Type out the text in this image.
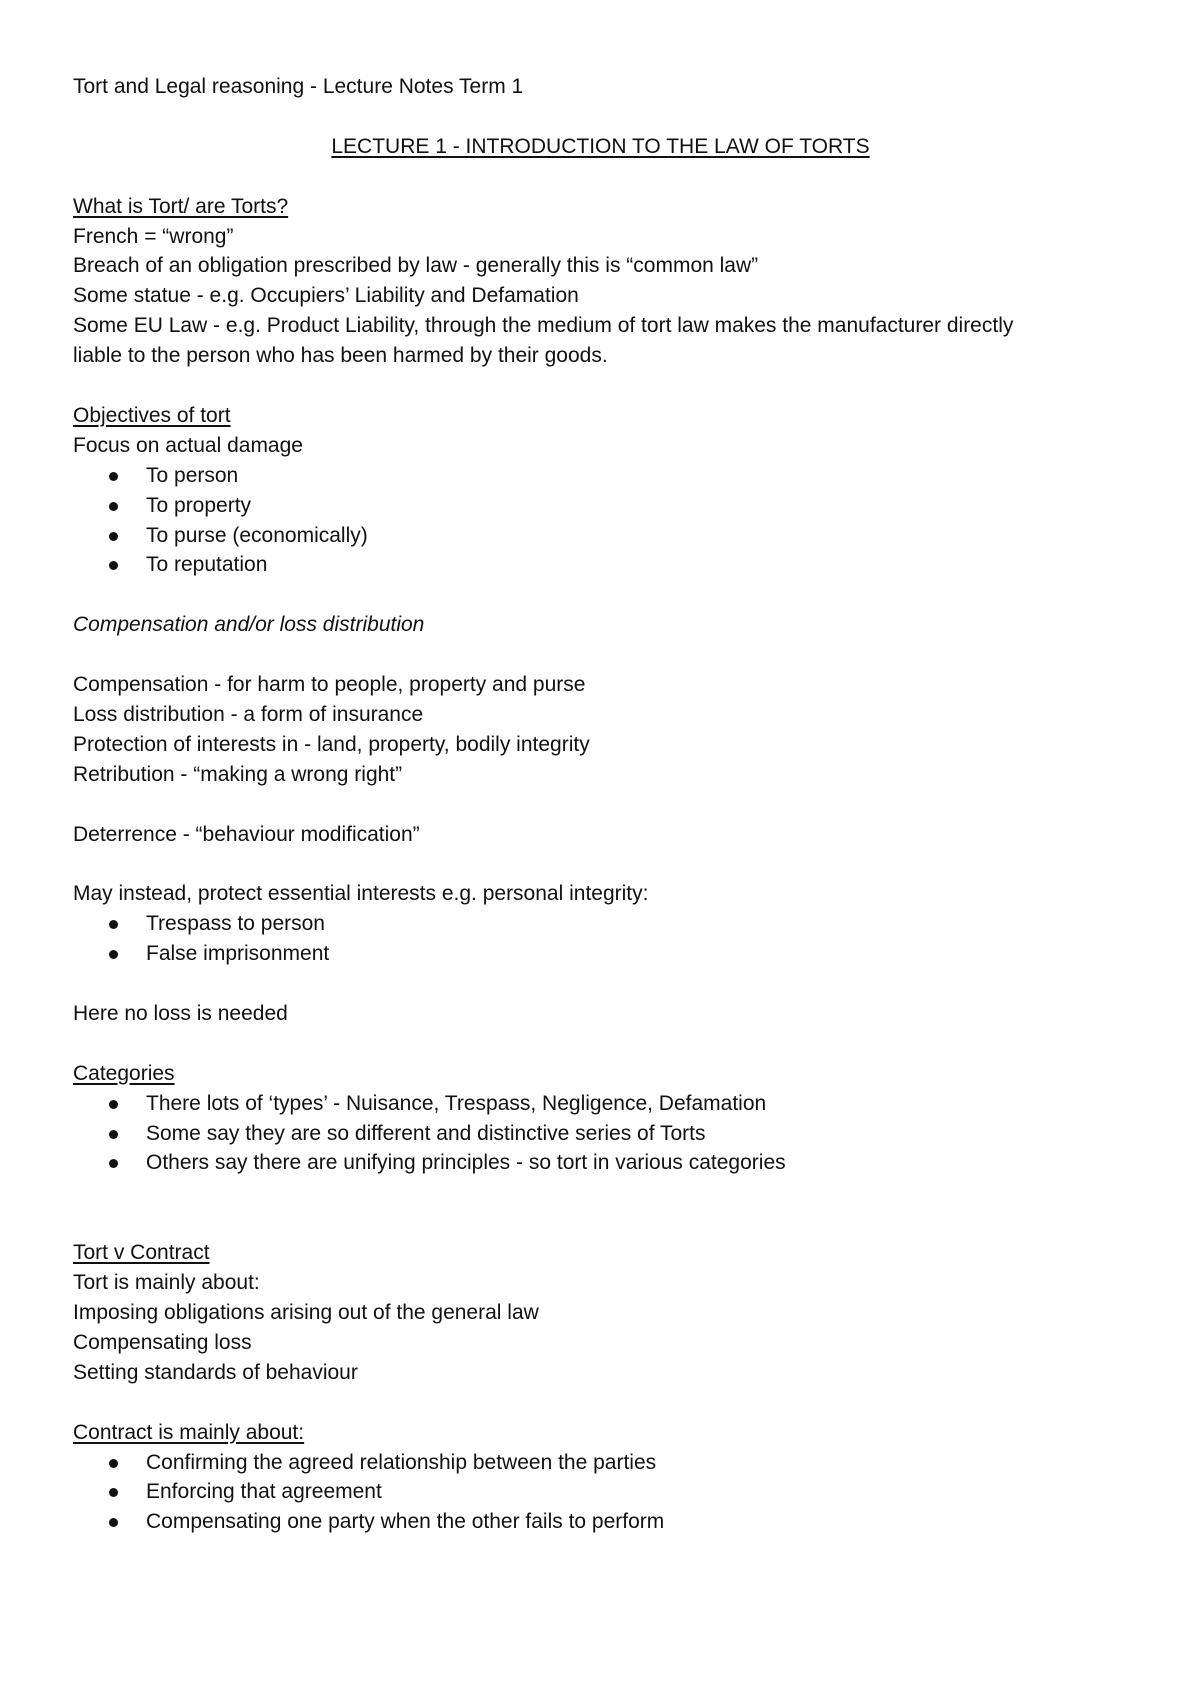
Tort and Legal reasoning - Lecture Notes Term 1

LECTURE 1 - INTRODUCTION TO THE LAW OF TORTS

What is Tort/ are Torts?

French = “wrong”

Breach of an obligation prescribed by law - generally this is “common law”

Some statue - e.g. Occupiers’ Liability and Defamation

Some EU Law - e.g. Product Liability, through the medium of tort law makes the manufacturer directly

liable to the person who has been harmed by their goods.

Objectives of tort

Focus on actual damage

To person
To property
To purse (economically)
To reputation

Compensation and/or loss distribution

Compensation - for harm to people, property and purse

Loss distribution - a form of insurance

Protection of interests in - land, property, bodily integrity

Retribution - “making a wrong right”

Deterrence - “behaviour modification”

May instead, protect essential interests e.g. personal integrity:

Trespass to person
False imprisonment

Here no loss is needed

Categories

There lots of ‘types’ - Nuisance, Trespass, Negligence, Defamation
Some say they are so different and distinctive series of Torts
Others say there are unifying principles - so tort in various categories

Tort v Contract

Tort is mainly about:

Imposing obligations arising out of the general law

Compensating loss

Setting standards of behaviour

Contract is mainly about:

Confirming the agreed relationship between the parties
Enforcing that agreement
Compensating one party when the other fails to perform
